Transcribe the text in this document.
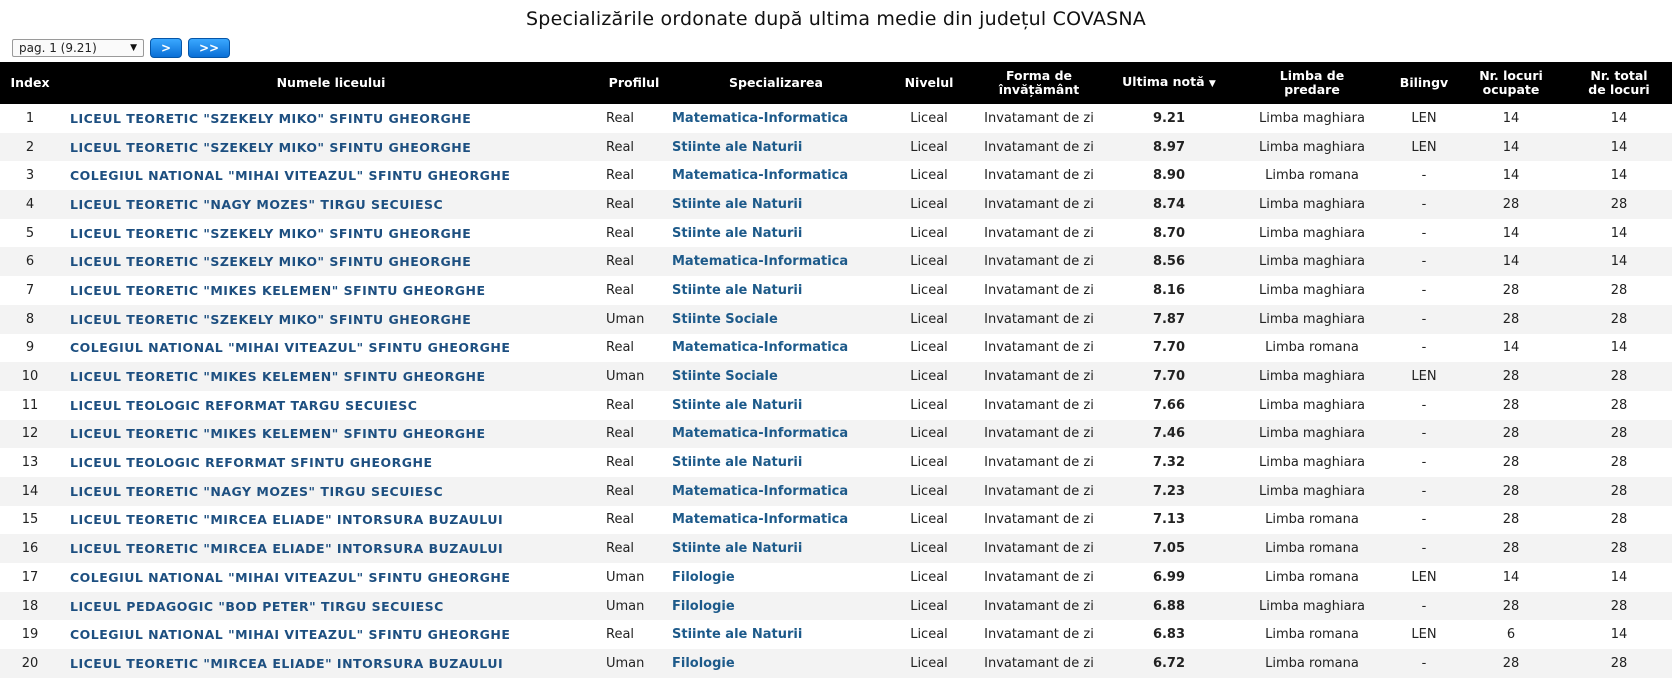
Specializările ordonate după ultima medie din județul COVASNA
pag. 1 (9.21)	▼	>	>>
Index	Numele liceului	Profilul	Specializarea	Nivelul	Forma de învățământ	Ultima notă ▼	Limba de predare	Bilingv	Nr. locuri ocupate	Nr. total de locuri
1	LICEUL TEORETIC "SZEKELY MIKO" SFINTU GHEORGHE	Real	Matematica-Informatica	Liceal	Invatamant de zi	9.21	Limba maghiara	LEN	14	14
2	LICEUL TEORETIC "SZEKELY MIKO" SFINTU GHEORGHE	Real	Stiinte ale Naturii	Liceal	Invatamant de zi	8.97	Limba maghiara	LEN	14	14
3	COLEGIUL NATIONAL "MIHAI VITEAZUL" SFINTU GHEORGHE	Real	Matematica-Informatica	Liceal	Invatamant de zi	8.90	Limba romana	-	14	14
4	LICEUL TEORETIC "NAGY MOZES" TIRGU SECUIESC	Real	Stiinte ale Naturii	Liceal	Invatamant de zi	8.74	Limba maghiara	-	28	28
5	LICEUL TEORETIC "SZEKELY MIKO" SFINTU GHEORGHE	Real	Stiinte ale Naturii	Liceal	Invatamant de zi	8.70	Limba maghiara	-	14	14
6	LICEUL TEORETIC "SZEKELY MIKO" SFINTU GHEORGHE	Real	Matematica-Informatica	Liceal	Invatamant de zi	8.56	Limba maghiara	-	14	14
7	LICEUL TEORETIC "MIKES KELEMEN" SFINTU GHEORGHE	Real	Stiinte ale Naturii	Liceal	Invatamant de zi	8.16	Limba maghiara	-	28	28
8	LICEUL TEORETIC "SZEKELY MIKO" SFINTU GHEORGHE	Uman	Stiinte Sociale	Liceal	Invatamant de zi	7.87	Limba maghiara	-	28	28
9	COLEGIUL NATIONAL "MIHAI VITEAZUL" SFINTU GHEORGHE	Real	Matematica-Informatica	Liceal	Invatamant de zi	7.70	Limba romana	-	14	14
10	LICEUL TEORETIC "MIKES KELEMEN" SFINTU GHEORGHE	Uman	Stiinte Sociale	Liceal	Invatamant de zi	7.70	Limba maghiara	LEN	28	28
11	LICEUL TEOLOGIC REFORMAT TARGU SECUIESC	Real	Stiinte ale Naturii	Liceal	Invatamant de zi	7.66	Limba maghiara	-	28	28
12	LICEUL TEORETIC "MIKES KELEMEN" SFINTU GHEORGHE	Real	Matematica-Informatica	Liceal	Invatamant de zi	7.46	Limba maghiara	-	28	28
13	LICEUL TEOLOGIC REFORMAT SFINTU GHEORGHE	Real	Stiinte ale Naturii	Liceal	Invatamant de zi	7.32	Limba maghiara	-	28	28
14	LICEUL TEORETIC "NAGY MOZES" TIRGU SECUIESC	Real	Matematica-Informatica	Liceal	Invatamant de zi	7.23	Limba maghiara	-	28	28
15	LICEUL TEORETIC "MIRCEA ELIADE" INTORSURA BUZAULUI	Real	Matematica-Informatica	Liceal	Invatamant de zi	7.13	Limba romana	-	28	28
16	LICEUL TEORETIC "MIRCEA ELIADE" INTORSURA BUZAULUI	Real	Stiinte ale Naturii	Liceal	Invatamant de zi	7.05	Limba romana	-	28	28
17	COLEGIUL NATIONAL "MIHAI VITEAZUL" SFINTU GHEORGHE	Uman	Filologie	Liceal	Invatamant de zi	6.99	Limba romana	LEN	14	14
18	LICEUL PEDAGOGIC "BOD PETER" TIRGU SECUIESC	Uman	Filologie	Liceal	Invatamant de zi	6.88	Limba maghiara	-	28	28
19	COLEGIUL NATIONAL "MIHAI VITEAZUL" SFINTU GHEORGHE	Real	Stiinte ale Naturii	Liceal	Invatamant de zi	6.83	Limba romana	LEN	6	14
20	LICEUL TEORETIC "MIRCEA ELIADE" INTORSURA BUZAULUI	Uman	Filologie	Liceal	Invatamant de zi	6.72	Limba romana	-	28	28
